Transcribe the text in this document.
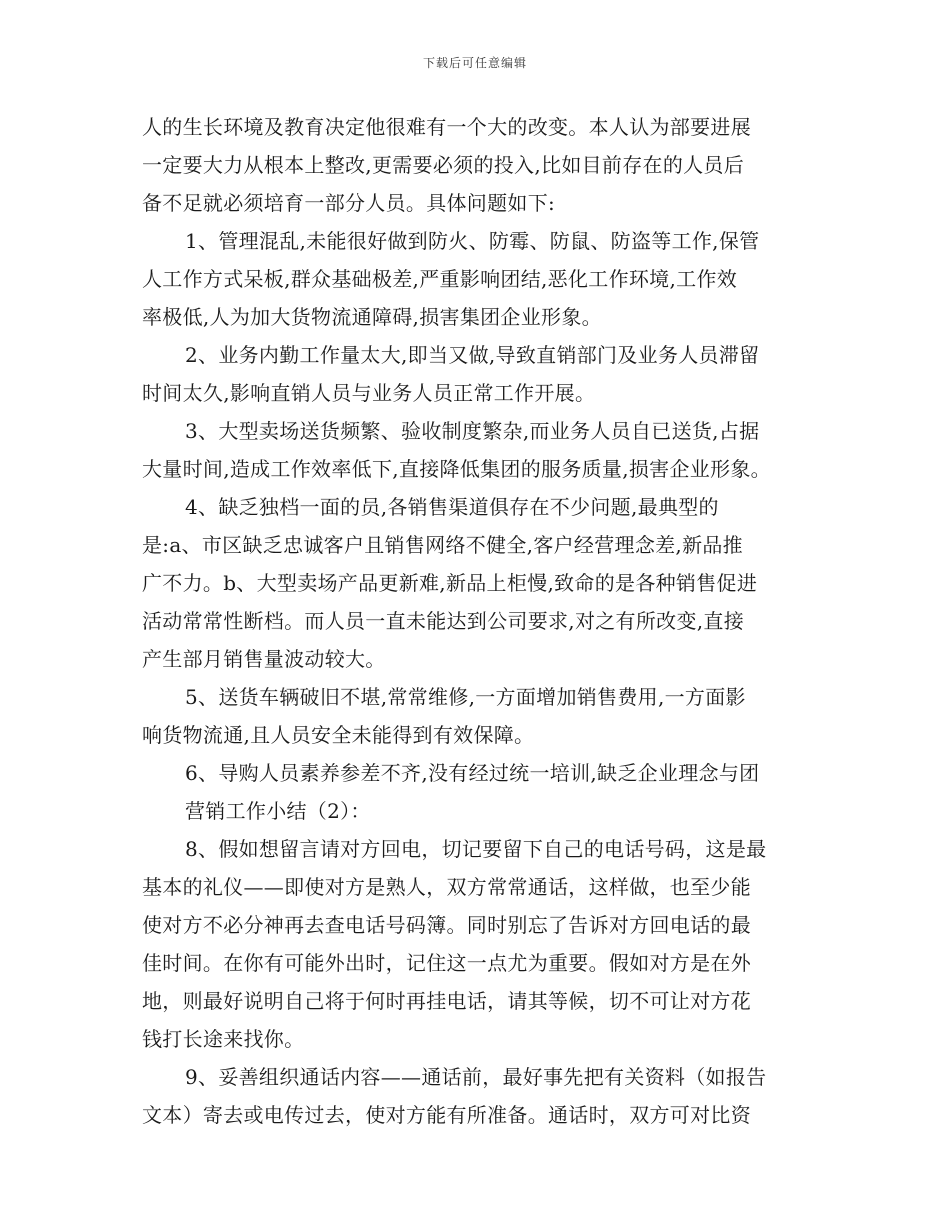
下载后可任意编辑
人的生长环境及教育决定他很难有一个大的改变。本人认为部要进展
一定要大力从根本上整改,更需要必须的投入,比如目前存在的人员后
备不足就必须培育一部分人员。具体问题如下:
1、管理混乱,未能很好做到防火、防霉、防鼠、防盗等工作,保管
人工作方式呆板,群众基础极差,严重影响团结,恶化工作环境,工作效
率极低,人为加大货物流通障碍,损害集团企业形象。
2、业务内勤工作量太大,即当又做,导致直销部门及业务人员滞留
时间太久,影响直销人员与业务人员正常工作开展。
3、大型卖场送货频繁、验收制度繁杂,而业务人员自已送货,占据
大量时间,造成工作效率低下,直接降低集团的服务质量,损害企业形象。
4、缺乏独档一面的员,各销售渠道俱存在不少问题,最典型的
是:a、市区缺乏忠诚客户且销售网络不健全,客户经营理念差,新品推
广不力。b、大型卖场产品更新难,新品上柜慢,致命的是各种销售促进
活动常常性断档。而人员一直未能达到公司要求,对之有所改变,直接
产生部月销售量波动较大。
5、送货车辆破旧不堪,常常维修,一方面增加销售费用,一方面影
响货物流通,且人员安全未能得到有效保障。
6、导购人员素养参差不齐,没有经过统一培训,缺乏企业理念与团
营销工作小结（2）：
8、假如想留言请对方回电，切记要留下自己的电话号码，这是最
基本的礼仪——即使对方是熟人，双方常常通话，这样做，也至少能
使对方不必分神再去查电话号码簿。同时别忘了告诉对方回电话的最
佳时间。在你有可能外出时，记住这一点尤为重要。假如对方是在外
地，则最好说明自己将于何时再挂电话，请其等候，切不可让对方花
钱打长途来找你。
9、妥善组织通话内容——通话前，最好事先把有关资料（如报告
文本）寄去或电传过去，使对方能有所准备。通话时，双方可对比资
